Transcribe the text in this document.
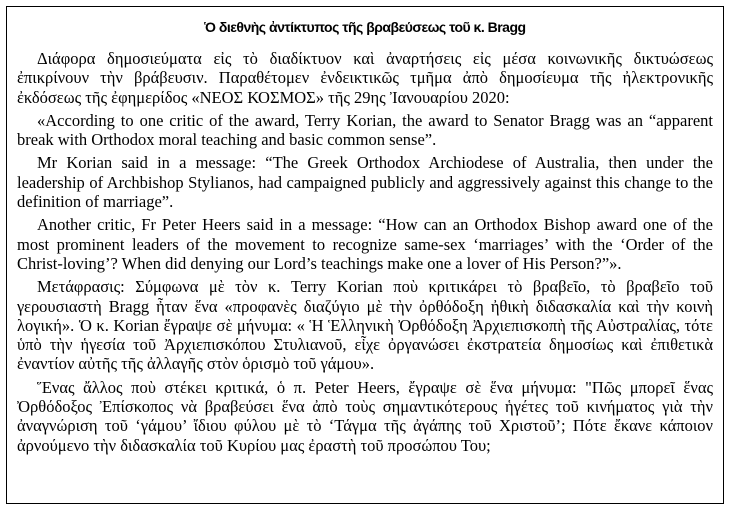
Ὁ διεθνὴς ἀντίκτυπος τῆς βραβεύσεως τοῦ κ. Bragg

Διάφορα δημοσιεύματα εἰς τὸ διαδίκτυον καὶ ἀναρτήσεις εἰς μέσα κοινωνικῆς δικτυώσεως ἐπικρίνουν τὴν βράβευσιν. Παραθέτομεν ἐνδεικτικῶς τμῆμα ἀπὸ δημοσίευμα τῆς ἠλεκτρονικῆς ἐκδόσεως τῆς ἐφημερίδος «ΝΕΟΣ ΚΟΣΜΟΣ» τῆς 29ης Ἰανουαρίου 2020:

«According to one critic of the award, Terry Korian, the award to Senator Bragg was an “apparent break with Orthodox moral teaching and basic common sense”.

Mr Korian said in a message: “The Greek Orthodox Archiodese of Australia, then under the leadership of Archbishop Stylianos, had campaigned publicly and aggressively against this change to the definition of marriage”.

Another critic, Fr Peter Heers said in a message: “How can an Orthodox Bishop award one of the most prominent leaders of the movement to recognize same-sex ‘marriages’ with the ‘Order of the Christ-loving’? When did denying our Lord’s teachings make one a lover of His Person?”».

Μετάφρασις: Σύμφωνα μὲ τὸν κ. Terry Korian ποὺ κριτικάρει τὸ βραβεῖο, τὸ βραβεῖο τοῦ γερουσιαστὴ Bragg ἦταν ἕνα «προφανὲς διαζύγιο μὲ τὴν ὀρθόδοξη ἠθικὴ διδασκαλία καὶ τὴν κοινὴ λογική». Ὁ κ. Korian ἔγραψε σὲ μήνυμα: « Ἡ Ἑλληνικὴ Ὀρθόδοξη Ἀρχιεπισκοπὴ τῆς Αὐστραλίας, τότε ὑπὸ τὴν ἡγεσία τοῦ Ἀρχιεπισκόπου Στυλιανοῦ, εἶχε ὀργανώσει ἐκστρατεία δημοσίως καὶ ἐπιθετικὰ ἐναντίον αὐτῆς τῆς ἀλλαγῆς στὸν ὁρισμὸ τοῦ γάμου».

Ἕνας ἄλλος ποὺ στέκει κριτικά, ὁ π. Peter Heers, ἔγραψε σὲ ἕνα μήνυμα: "Πῶς μπορεῖ ἕνας Ὀρθόδοξος Ἐπίσκοπος νὰ βραβεύσει ἕνα ἀπὸ τοὺς σημαντικότερους ἡγέτες τοῦ κινήματος γιὰ τὴν ἀναγνώριση τοῦ ‘γάμου’ ἴδιου φύλου μὲ τὸ ‘Τάγμα τῆς ἀγάπης τοῦ Χριστοῦ’; Πότε ἔκανε κάποιον ἀρνούμενο τὴν διδασκαλία τοῦ Κυρίου μας ἐραστὴ τοῦ προσώπου Του;
